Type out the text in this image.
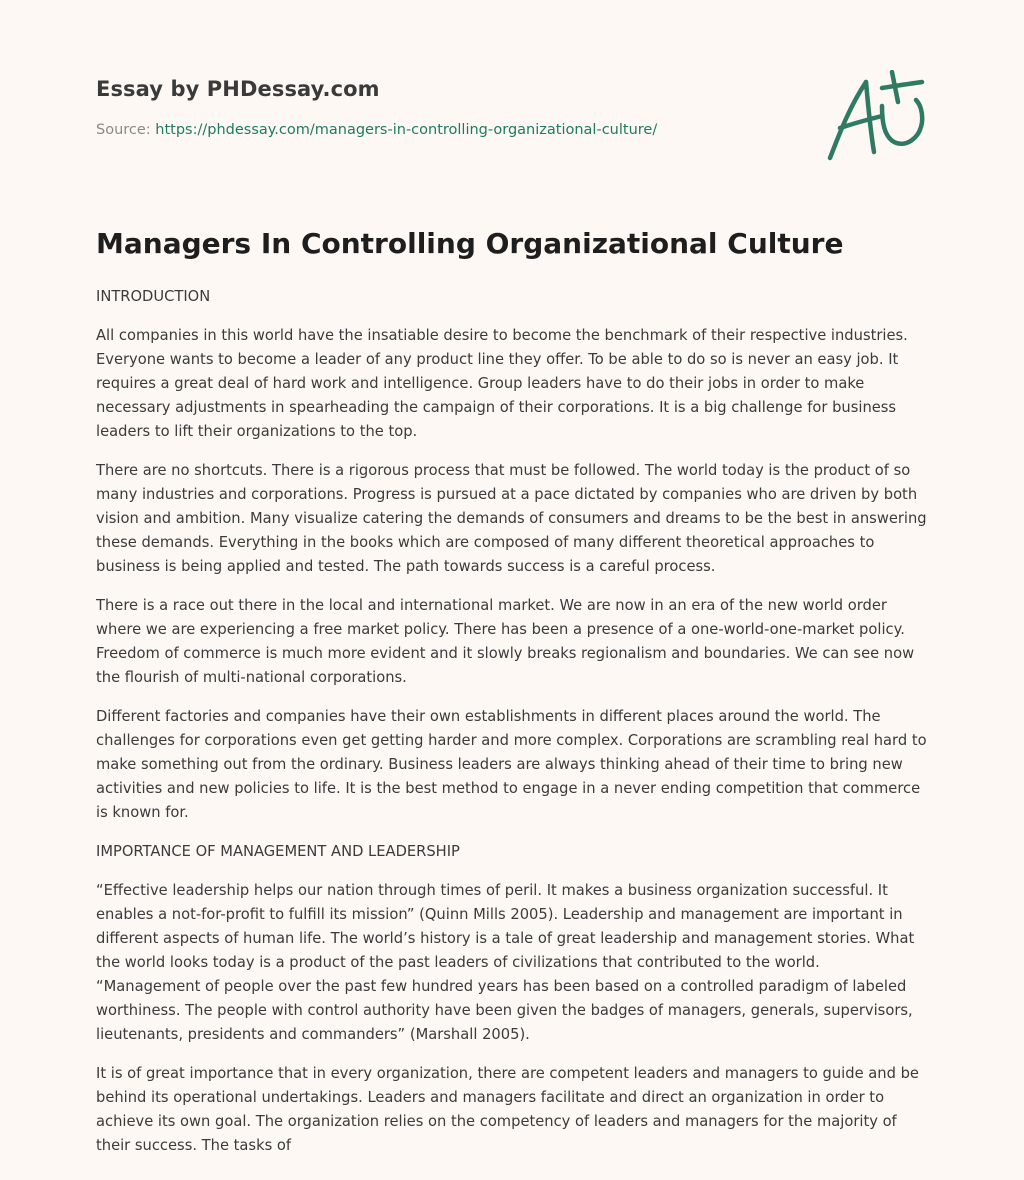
Essay by PHDessay.com
Source: https://phdessay.com/managers-in-controlling-organizational-culture/
Managers In Controlling Organizational Culture

INTRODUCTION

All companies in this world have the insatiable desire to become the benchmark of their respective industries. Everyone wants to become a leader of any product line they offer. To be able to do so is never an easy job. It requires a great deal of hard work and intelligence. Group leaders have to do their jobs in order to make necessary adjustments in spearheading the campaign of their corporations. It is a big challenge for business leaders to lift their organizations to the top.

There are no shortcuts. There is a rigorous process that must be followed. The world today is the product of so many industries and corporations. Progress is pursued at a pace dictated by companies who are driven by both vision and ambition. Many visualize catering the demands of consumers and dreams to be the best in answering these demands. Everything in the books which are composed of many different theoretical approaches to business is being applied and tested. The path towards success is a careful process.

There is a race out there in the local and international market. We are now in an era of the new world order where we are experiencing a free market policy. There has been a presence of a one-world-one-market policy. Freedom of commerce is much more evident and it slowly breaks regionalism and boundaries. We can see now the flourish of multi-national corporations.

Different factories and companies have their own establishments in different places around the world. The challenges for corporations even get getting harder and more complex. Corporations are scrambling real hard to make something out from the ordinary. Business leaders are always thinking ahead of their time to bring new activities and new policies to life. It is the best method to engage in a never ending competition that commerce is known for.

IMPORTANCE OF MANAGEMENT AND LEADERSHIP

“Effective leadership helps our nation through times of peril. It makes a business organization successful. It enables a not-for-profit to fulfill its mission” (Quinn Mills 2005). Leadership and management are important in different aspects of human life. The world’s history is a tale of great leadership and management stories. What the world looks today is a product of the past leaders of civilizations that contributed to the world. “Management of people over the past few hundred years has been based on a controlled paradigm of labeled worthiness. The people with control authority have been given the badges of managers, generals, supervisors, lieutenants, presidents and commanders” (Marshall 2005).

It is of great importance that in every organization, there are competent leaders and managers to guide and be behind its operational undertakings. Leaders and managers facilitate and direct an organization in order to achieve its own goal. The organization relies on the competency of leaders and managers for the majority of their success. The tasks of
